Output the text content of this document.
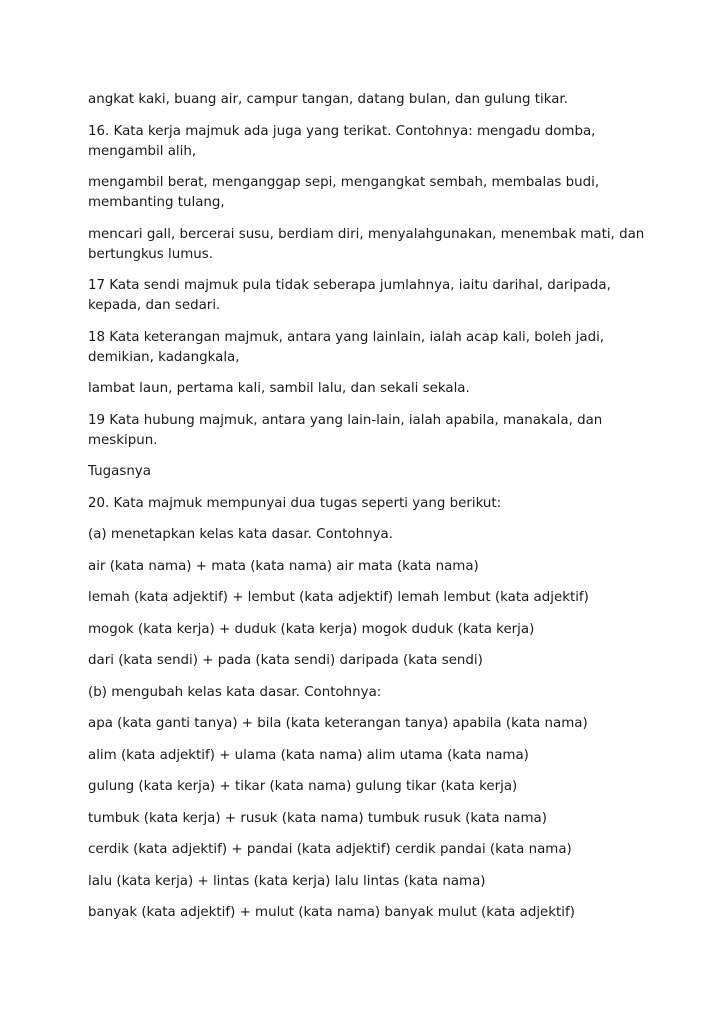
angkat kaki, buang air, campur tangan, datang bulan, dan gulung tikar.

16. Kata kerja majmuk ada juga yang terikat. Contohnya: mengadu domba, mengambil alih,

mengambil berat, menganggap sepi, mengangkat sembah, membalas budi, membanting tulang,

mencari gall, bercerai susu, berdiam diri, menyalahgunakan, menembak mati, dan bertungkus lumus.

17 Kata sendi majmuk pula tidak seberapa jumlahnya, iaitu darihal, daripada, kepada, dan sedari.

18 Kata keterangan majmuk, antara yang lainlain, ialah acap kali, boleh jadi, demikian, kadangkala,

lambat laun, pertama kali, sambil lalu, dan sekali sekala.

19 Kata hubung majmuk, antara yang lain-lain, ialah apabila, manakala, dan meskipun.

Tugasnya

20. Kata majmuk mempunyai dua tugas seperti yang berikut:

(a) menetapkan kelas kata dasar. Contohnya.

air (kata nama) + mata (kata nama) air mata (kata nama)

lemah (kata adjektif) + lembut (kata adjektif) lemah lembut (kata adjektif)

mogok (kata kerja) + duduk (kata kerja) mogok duduk (kata kerja)

dari (kata sendi) + pada (kata sendi) daripada (kata sendi)

(b) mengubah kelas kata dasar. Contohnya:

apa (kata ganti tanya) + bila (kata keterangan tanya) apabila (kata nama)

alim (kata adjektif) + ulama (kata nama) alim utama (kata nama)

gulung (kata kerja) + tikar (kata nama) gulung tikar (kata kerja)

tumbuk (kata kerja) + rusuk (kata nama) tumbuk rusuk (kata nama)

cerdik (kata adjektif) + pandai (kata adjektif) cerdik pandai (kata nama)

lalu (kata kerja) + lintas (kata kerja) lalu lintas (kata nama)

banyak (kata adjektif) + mulut (kata nama) banyak mulut (kata adjektif)
